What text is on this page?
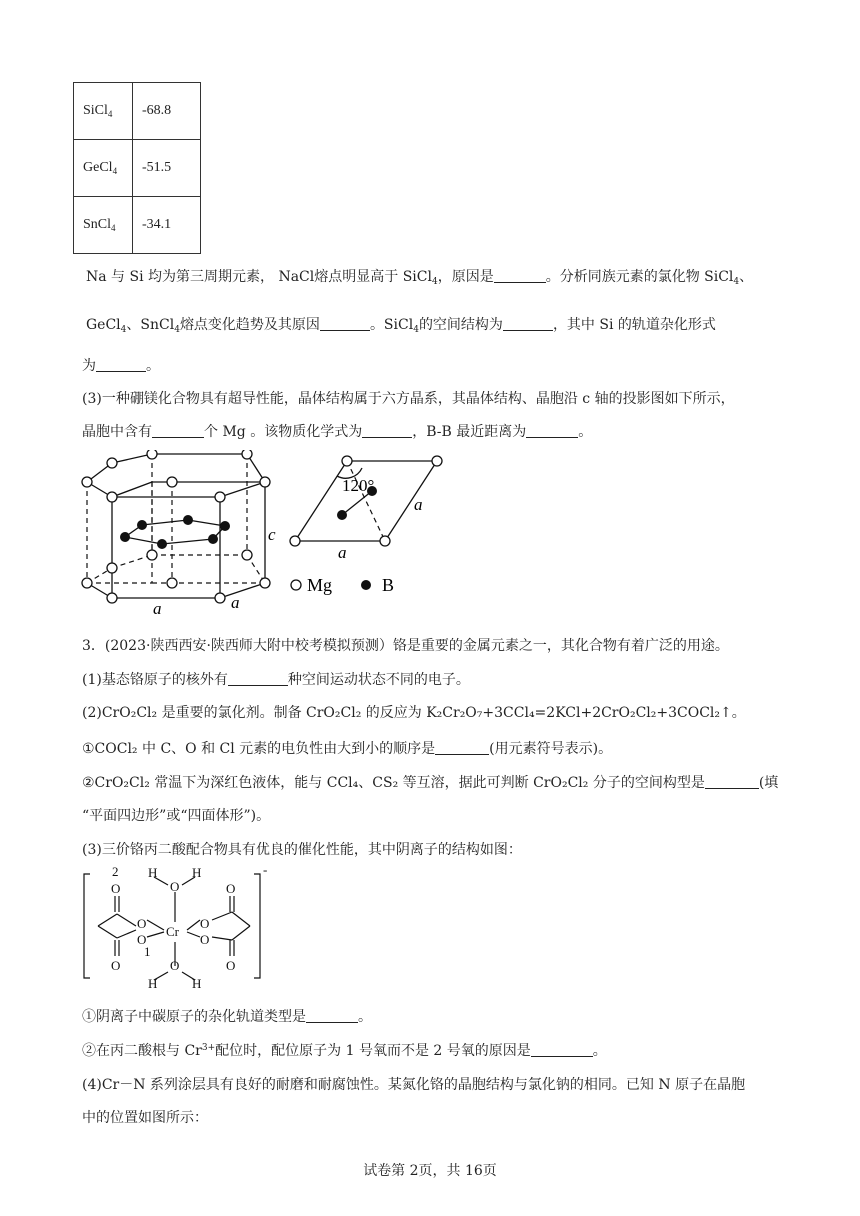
SiCl$_4$	-68.8
GeCl$_4$	-51.5
SnCl$_4$	-34.1
Na 与 Si 均为第三周期元素， NaCl熔点明显高于 SiCl$_4$，原因是	。分析同族元素的氯化物 SiCl$_4$、
GeCl$_4$、SnCl$_4$熔点变化趋势及其原因	。SiCl$_4$的空间结构为	，其中 Si 的轨道杂化形式
为	。
(3)一种硼镁化合物具有超导性能，晶体结构属于六方晶系，其晶体结构、晶胞沿 c 轴的投影图如下所示，
晶胞中含有	个 Mg 。该物质化学式为	，B-B 最近距离为	。
c
a	a
120°
a
a
Mg	B
3．(2023·陕西西安·陕西师大附中校考模拟预测）铬是重要的金属元素之一，其化合物有着广泛的用途。
(1)基态铬原子的核外有	种空间运动状态不同的电子。
(2)CrO₂Cl₂ 是重要的氯化剂。制备 CrO₂Cl₂ 的反应为 K₂Cr₂O₇+3CCl₄=2KCl+2CrO₂Cl₂+3COCl₂↑。
①COCl₂ 中 C、O 和 Cl 元素的电负性由大到小的顺序是	(用元素符号表示)。
②CrO₂Cl₂ 常温下为深红色液体，能与 CCl₄、CS₂ 等互溶，据此可判断 CrO₂Cl₂ 分子的空间构型是	(填
“平面四边形”或“四面体形”)。
(3)三价铬丙二酸配合物具有优良的催化性能，其中阴离子的结构如图：
2
O
H	H
O	O
O	O
Cr
O	O
1
O
O	O
H	H
-
①阴离子中碳原子的杂化轨道类型是	。
②在丙二酸根与 $Cr^{3+}$配位时，配位原子为 1 号氧而不是 2 号氧的原因是	。
(4)Cr－N 系列涂层具有良好的耐磨和耐腐蚀性。某氮化铬的晶胞结构与氯化钠的相同。已知 N 原子在晶胞
中的位置如图所示：
试卷第 2页，共 16页
